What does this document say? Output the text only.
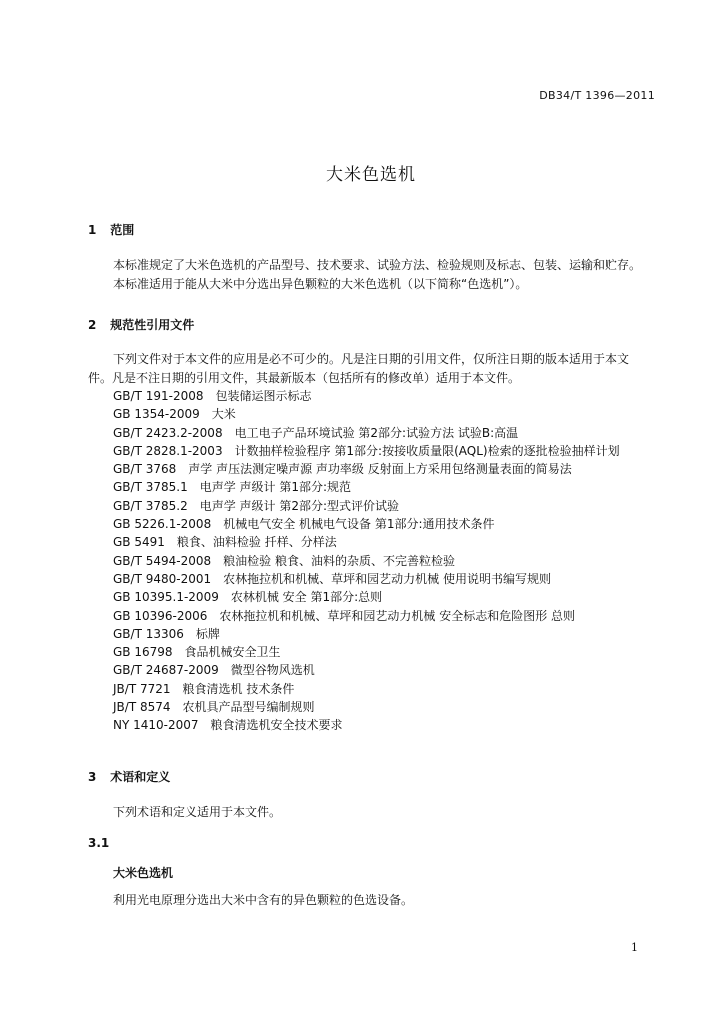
DB34/T 1396—2011
大米色选机
1 范围
本标准规定了大米色选机的产品型号、技术要求、试验方法、检验规则及标志、包装、运输和贮存。
本标准适用于能从大米中分选出异色颗粒的大米色选机（以下简称“色选机”）。
2 规范性引用文件
下列文件对于本文件的应用是必不可少的。凡是注日期的引用文件，仅所注日期的版本适用于本文
件。凡是不注日期的引用文件，其最新版本（包括所有的修改单）适用于本文件。
GB/T 191-2008 包装储运图示标志
GB 1354-2009 大米
GB/T 2423.2-2008 电工电子产品环境试验 第2部分:试验方法 试验B:高温
GB/T 2828.1-2003 计数抽样检验程序 第1部分:按接收质量限(AQL)检索的逐批检验抽样计划
GB/T 3768 声学 声压法测定噪声源 声功率级 反射面上方采用包络测量表面的简易法
GB/T 3785.1 电声学 声级计 第1部分:规范
GB/T 3785.2 电声学 声级计 第2部分:型式评价试验
GB 5226.1-2008 机械电气安全 机械电气设备 第1部分:通用技术条件
GB 5491 粮食、油料检验 扦样、分样法
GB/T 5494-2008 粮油检验 粮食、油料的杂质、不完善粒检验
GB/T 9480-2001 农林拖拉机和机械、草坪和园艺动力机械 使用说明书编写规则
GB 10395.1-2009 农林机械 安全 第1部分:总则
GB 10396-2006 农林拖拉机和机械、草坪和园艺动力机械 安全标志和危险图形 总则
GB/T 13306 标牌
GB 16798 食品机械安全卫生
GB/T 24687-2009 微型谷物风选机
JB/T 7721 粮食清选机 技术条件
JB/T 8574 农机具产品型号编制规则
NY 1410-2007 粮食清选机安全技术要求
3 术语和定义
下列术语和定义适用于本文件。
3.1
大米色选机
利用光电原理分选出大米中含有的异色颗粒的色选设备。
1
